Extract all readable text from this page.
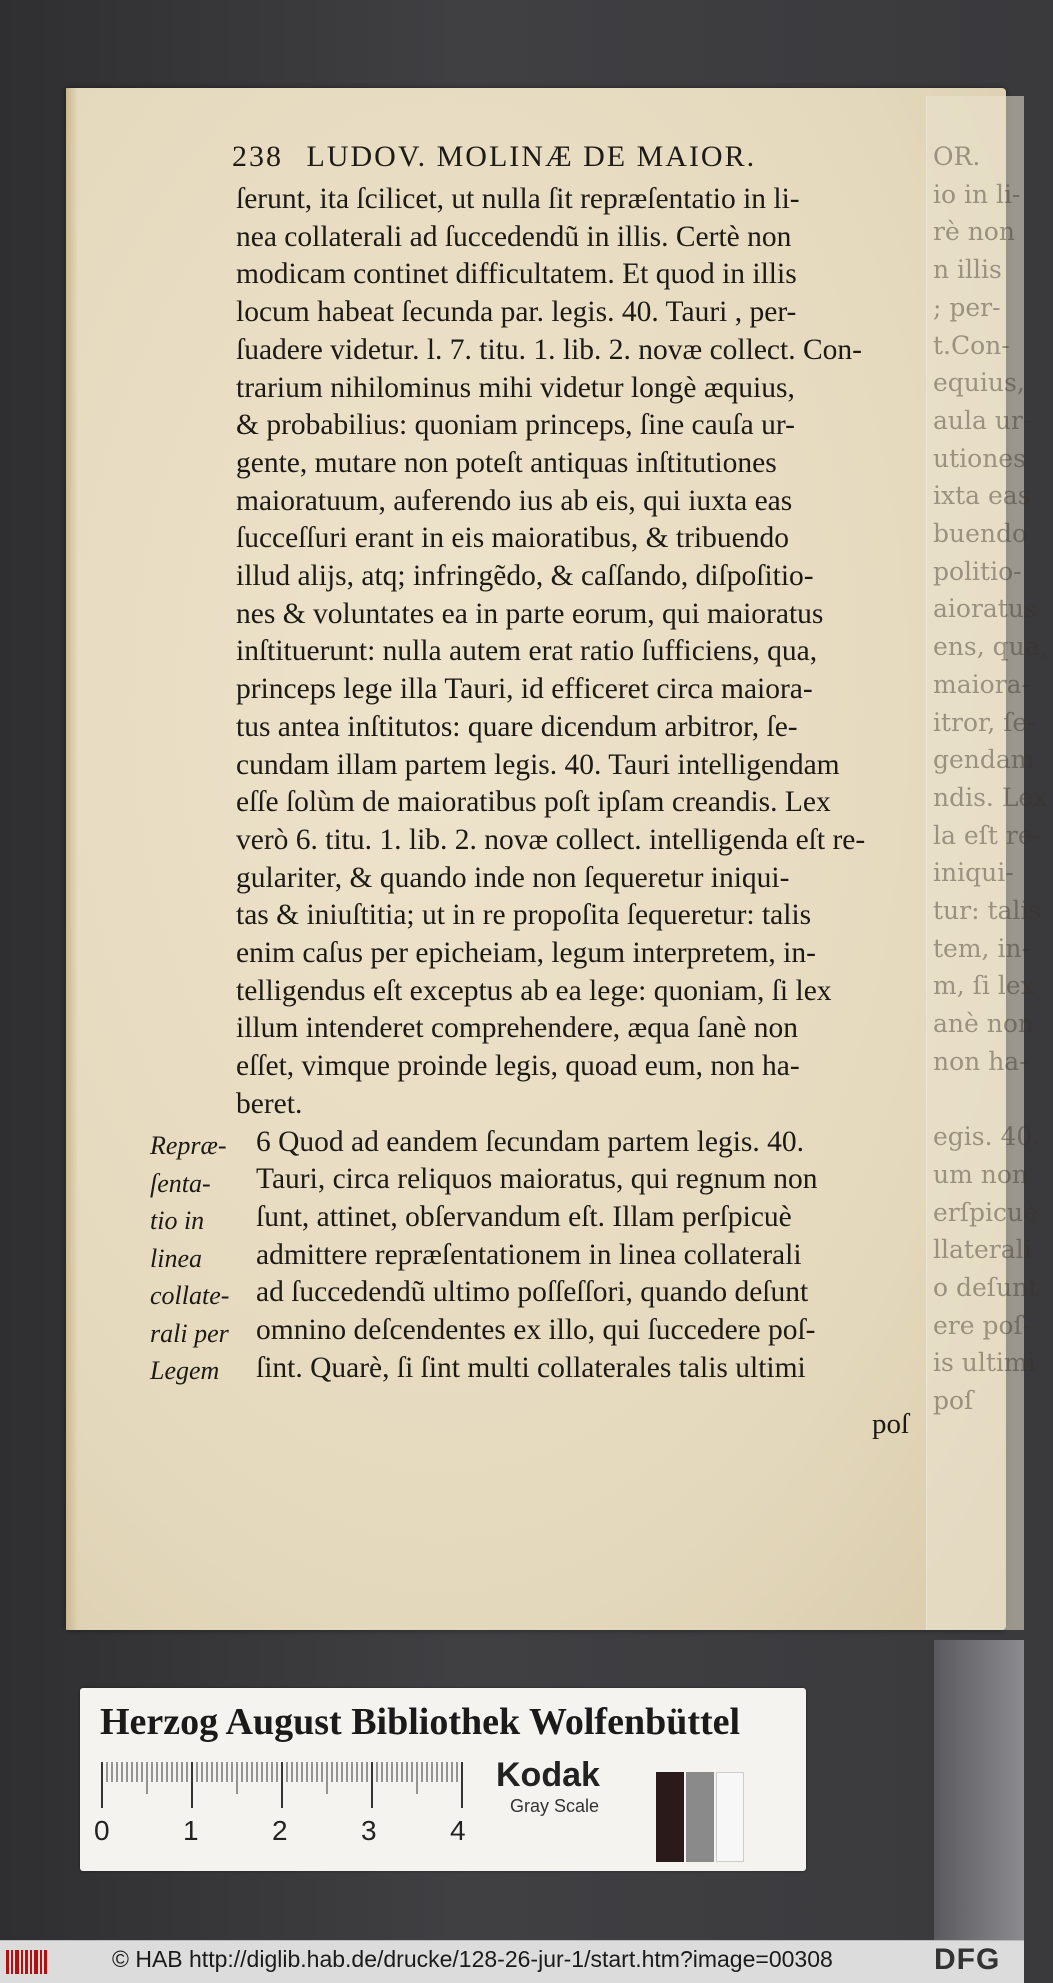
OR.
io in li-
rè non
n illis
; per-
t.Con-
equius,
aula ur-
utiones
ixta eas
buendo
politio-
aioratus
ens, qua,
maiora-
itror, ſe-
gendam
ndis. Lex
la eſt re-
iniqui-
tur: talis
tem, in-
m, ſi lex
anè non
non ha-
egis. 40.
um non
erſpicuè
llaterali
o deſunt
ere poſ-
is ultimi
poſ
238 LUDOV. MOLINÆ DE MAIOR.
ſerunt, ita ſcilicet, ut nulla ſit repræſentatio in li-
nea collaterali ad ſuccedendũ in illis. Certè non
modicam continet difficultatem. Et quod in illis
locum habeat ſecunda par. legis. 40. Tauri , per-
ſuadere videtur. l. 7. titu. 1. lib. 2. novæ collect. Con-
trarium nihilominus mihi videtur longè æquius,
& probabilius: quoniam princeps, ſine cauſa ur-
gente, mutare non poteſt antiquas inſtitutiones
maioratuum, auferendo ius ab eis, qui iuxta eas
ſucceſſuri erant in eis maioratibus, & tribuendo
illud alijs, atq; infringẽdo, & caſſando, diſpoſitio-
nes & voluntates ea in parte eorum, qui maioratus
inſtituerunt: nulla autem erat ratio ſufficiens, qua,
princeps lege illa Tauri, id efficeret circa maiora-
tus antea inſtitutos: quare dicendum arbitror, ſe-
cundam illam partem legis. 40. Tauri intelligendam
eſſe ſolùm de maioratibus poſt ipſam creandis. Lex
verò 6. titu. 1. lib. 2. novæ collect. intelligenda eſt re-
gulariter, & quando inde non ſequeretur iniqui-
tas & iniuſtitia; ut in re propoſita ſequeretur: talis
enim caſus per epicheiam, legum interpretem, in-
telligendus eſt exceptus ab ea lege: quoniam, ſi lex
illum intenderet comprehendere, æqua ſanè non
eſſet, vimque proinde legis, quoad eum, non ha-
beret.
6 Quod ad eandem ſecundam partem legis. 40.
Tauri, circa reliquos maioratus, qui regnum non
ſunt, attinet, obſervandum eſt. Illam perſpicuè
admittere repræſentationem in linea collaterali
ad ſuccedendũ ultimo poſſeſſori, quando deſunt
omnino deſcendentes ex illo, qui ſuccedere poſ-
ſint. Quarè, ſi ſint multi collaterales talis ultimi
Repræ-
ſenta-
tio in
linea
collate-
rali per
Legem
poſ
Herzog August Bibliothek Wolfenbüttel
0	1	2	3	4
Kodak
Gray Scale
© HAB http://diglib.hab.de/drucke/128-26-jur-1/start.htm?image=00308	DFG
